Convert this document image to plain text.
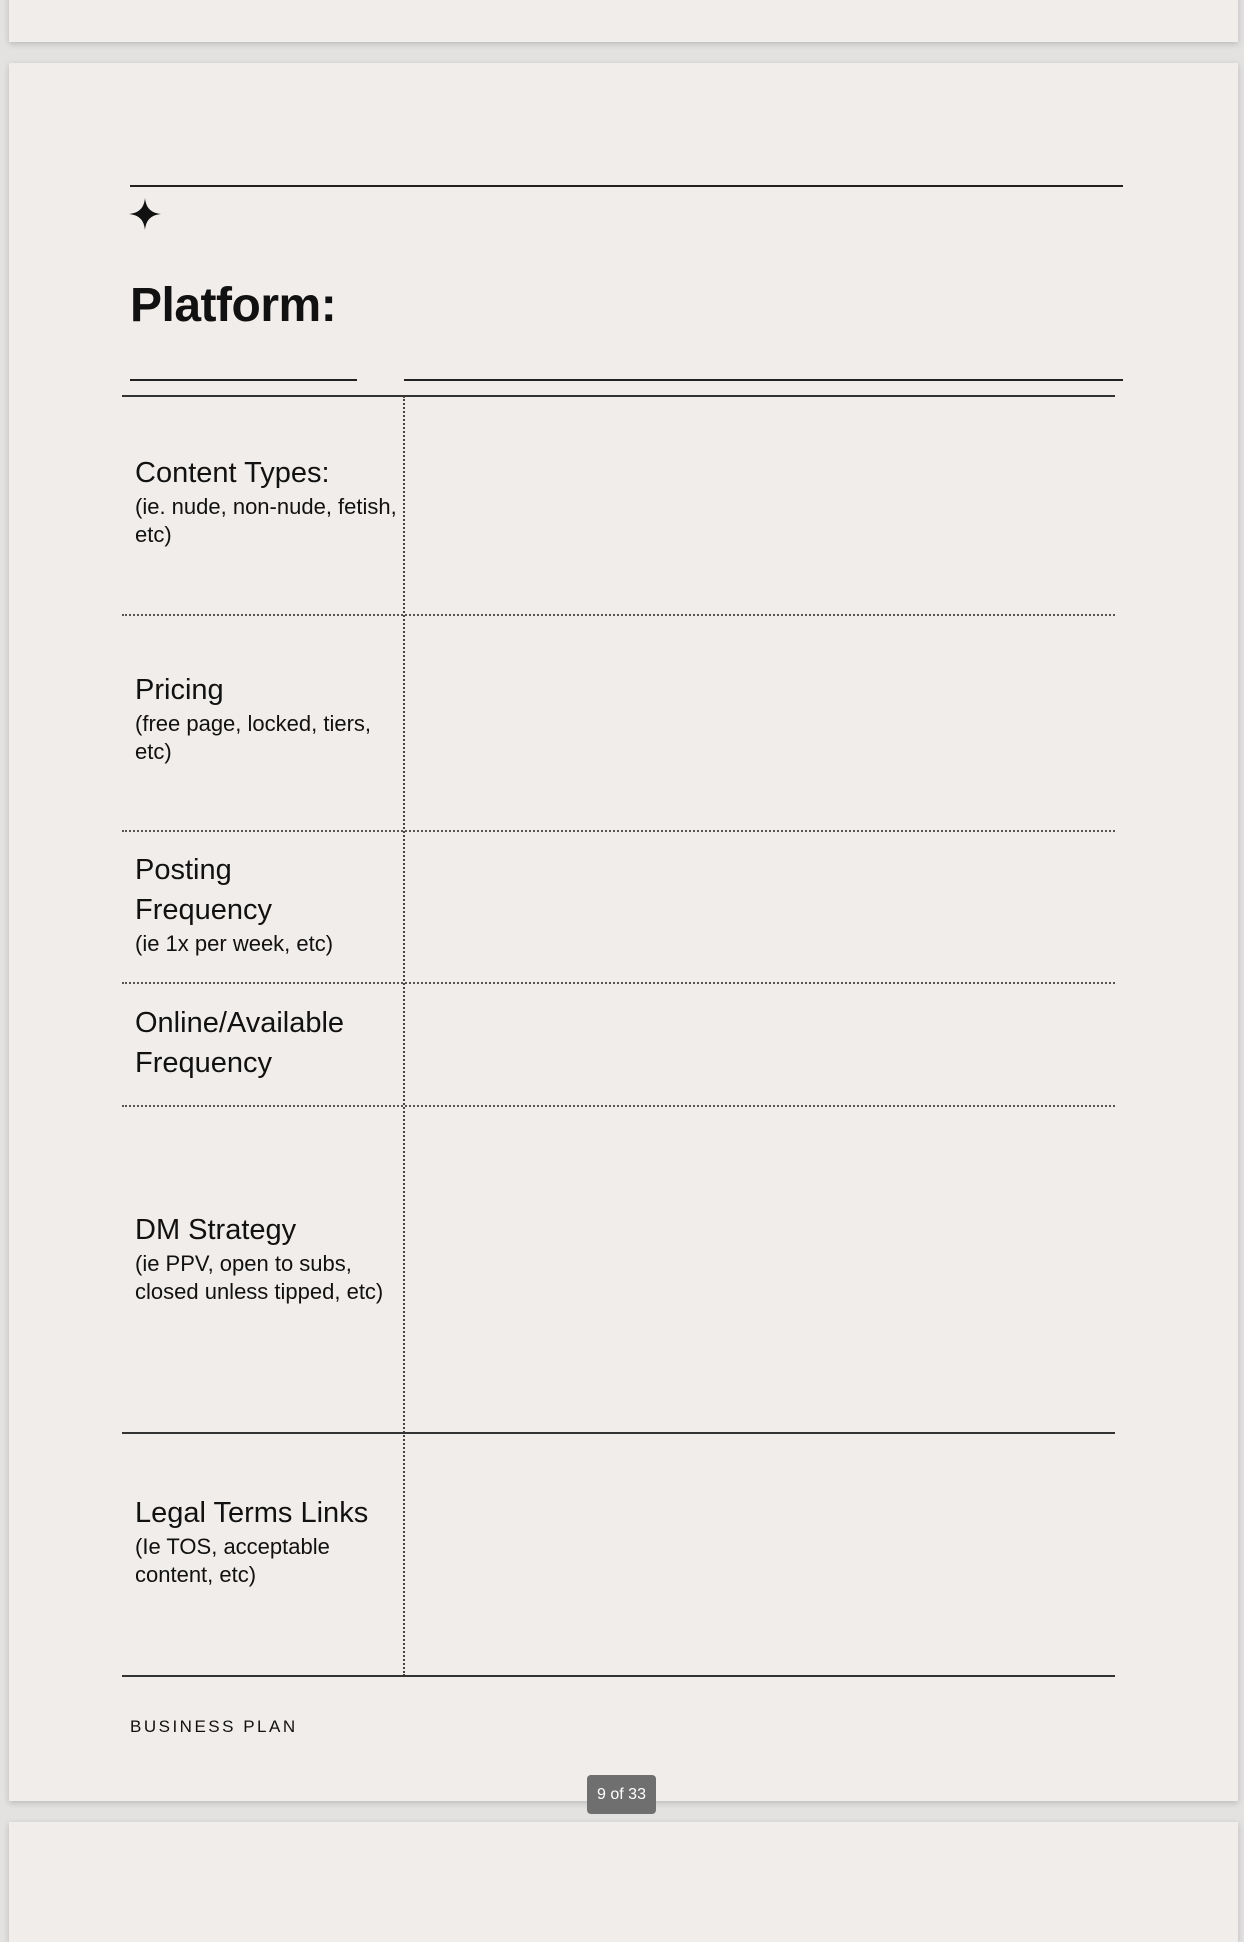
Platform:
Content Types:
(ie. nude, non-nude, fetish, etc)
Pricing
(free page, locked, tiers, etc)
Posting Frequency
(ie 1x per week, etc)
Online/Available Frequency
DM Strategy
(ie PPV, open to subs, closed unless tipped, etc)
Legal Terms Links
(Ie TOS, acceptable content, etc)
BUSINESS PLAN
9 of 33
